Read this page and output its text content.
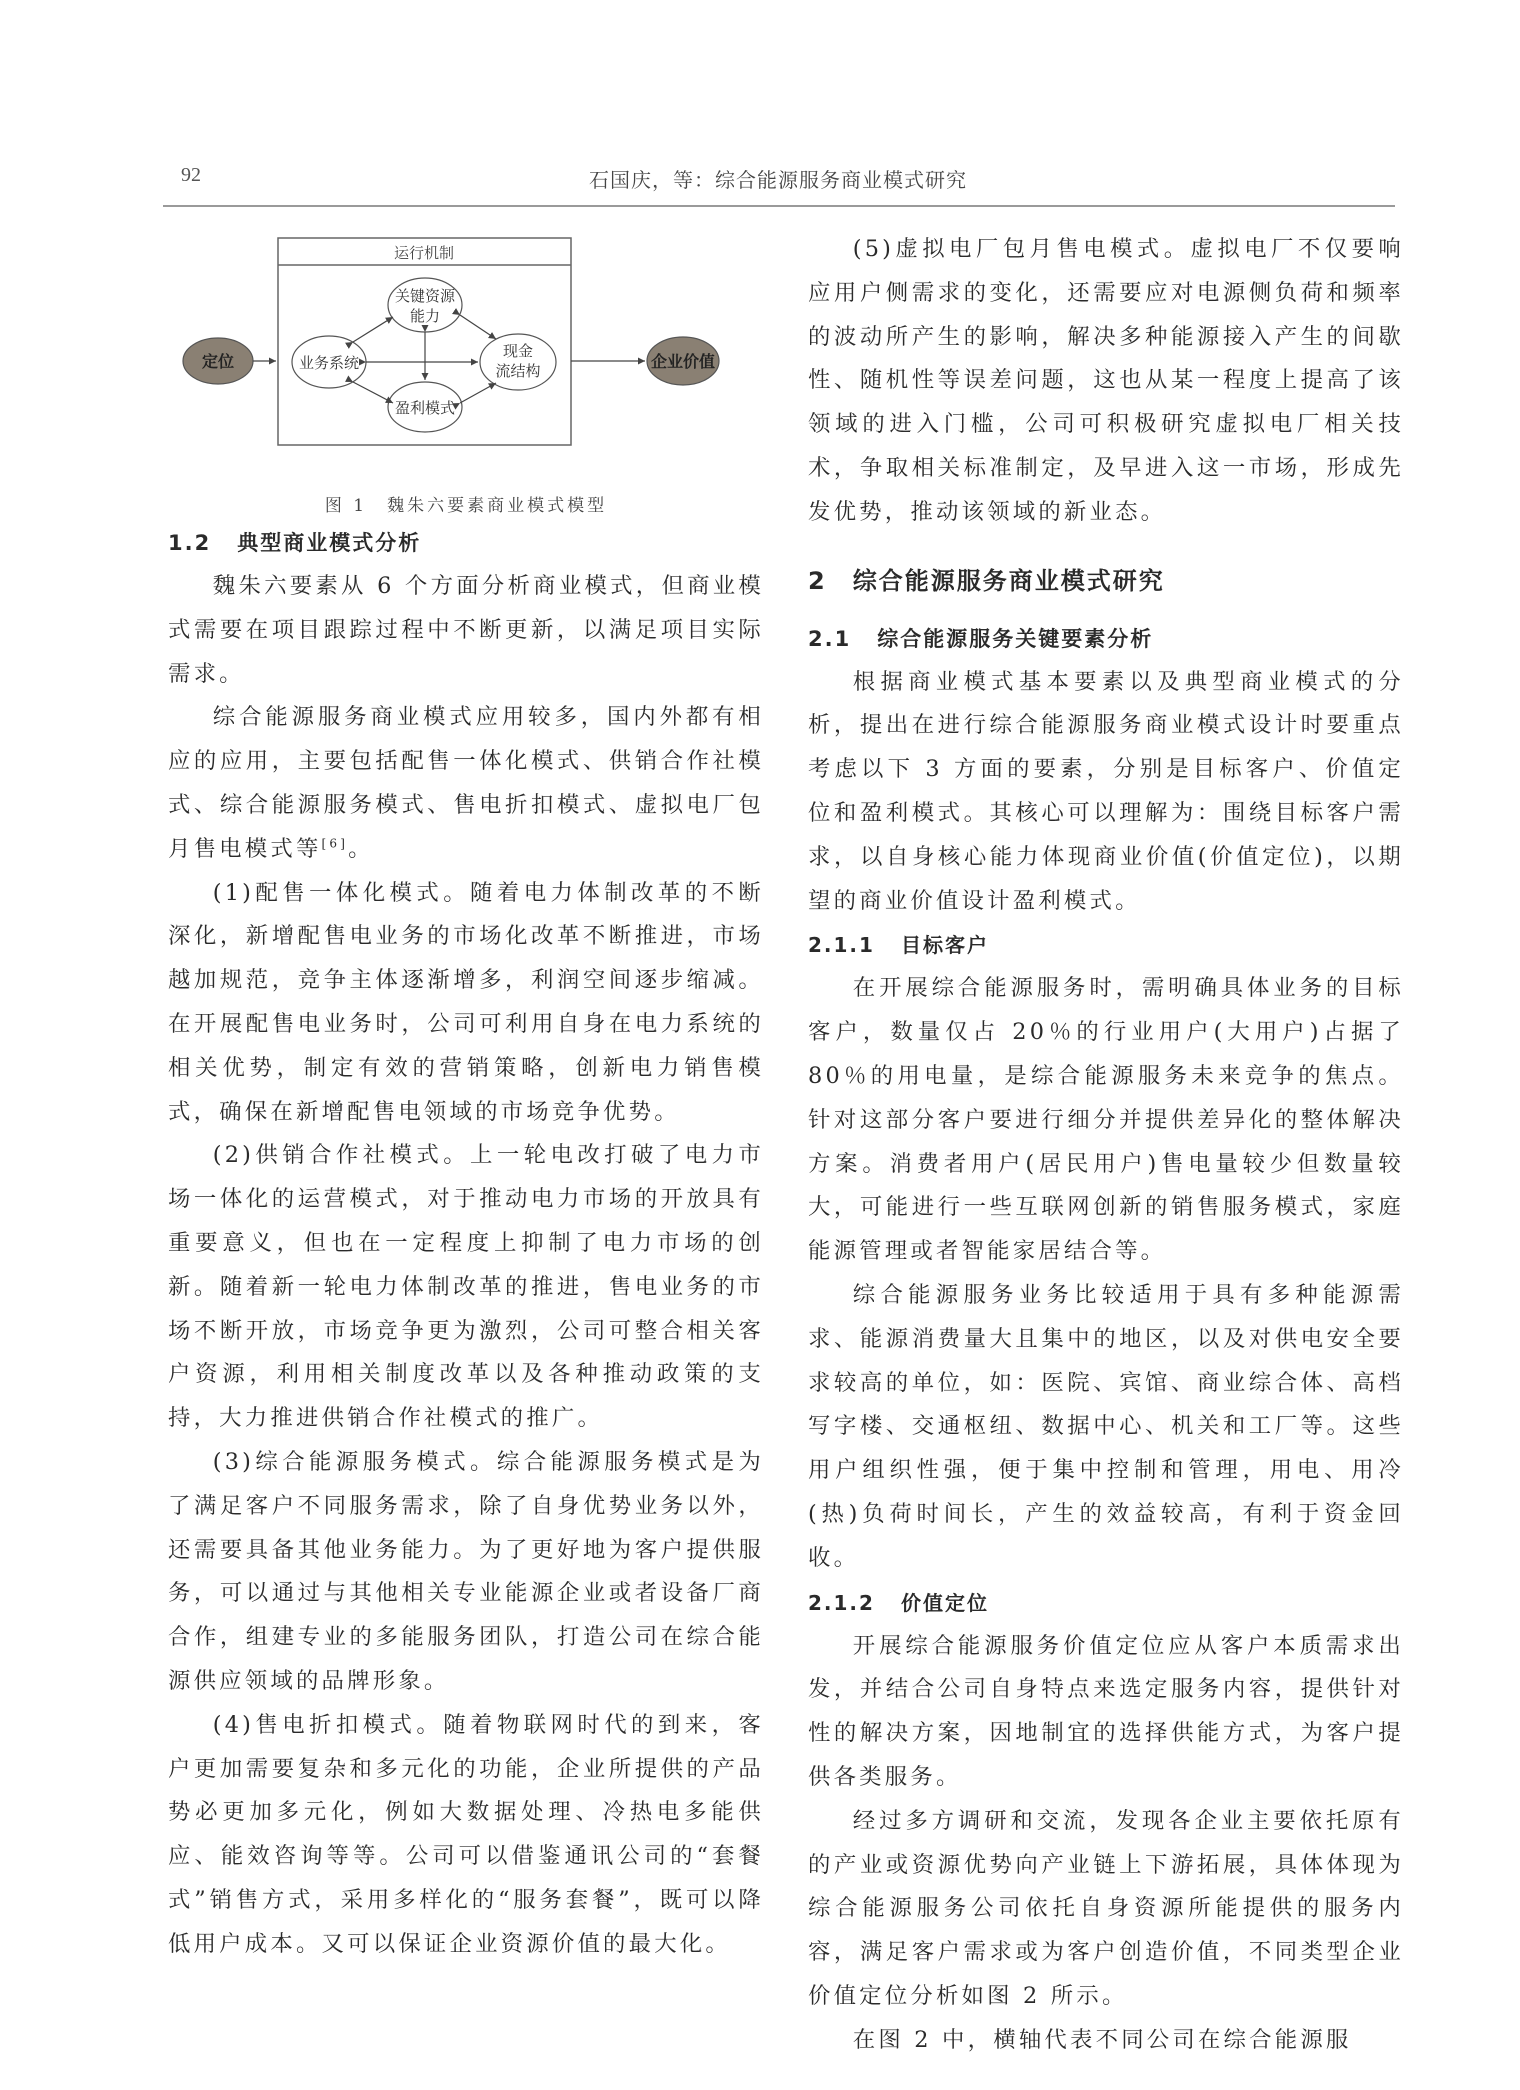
92	石国庆，等：综合能源服务商业模式研究
运行机制
定位	企业价值
业务系统
关键资源
能力
盈利模式
现金
流结构

图 1　魏朱六要素商业模式模型

1.2 典型商业模式分析

魏朱六要素从 6 个方面分析商业模式，但商业模式需要在项目跟踪过程中不断更新，以满足项目实际需求。

综合能源服务商业模式应用较多，国内外都有相应的应用，主要包括配售一体化模式、供销合作社模式、综合能源服务模式、售电折扣模式、虚拟电厂包月售电模式等[6]。

(1)配售一体化模式。随着电力体制改革的不断深化，新增配售电业务的市场化改革不断推进，市场越加规范，竞争主体逐渐增多，利润空间逐步缩减。在开展配售电业务时，公司可利用自身在电力系统的相关优势，制定有效的营销策略，创新电力销售模式，确保在新增配售电领域的市场竞争优势。

(2)供销合作社模式。上一轮电改打破了电力市场一体化的运营模式，对于推动电力市场的开放具有重要意义，但也在一定程度上抑制了电力市场的创新。随着新一轮电力体制改革的推进，售电业务的市场不断开放，市场竞争更为激烈，公司可整合相关客户资源，利用相关制度改革以及各种推动政策的支持，大力推进供销合作社模式的推广。

(3)综合能源服务模式。综合能源服务模式是为了满足客户不同服务需求，除了自身优势业务以外，还需要具备其他业务能力。为了更好地为客户提供服务，可以通过与其他相关专业能源企业或者设备厂商合作，组建专业的多能服务团队，打造公司在综合能源供应领域的品牌形象。

(4)售电折扣模式。随着物联网时代的到来，客户更加需要复杂和多元化的功能，企业所提供的产品势必更加多元化，例如大数据处理、冷热电多能供应、能效咨询等等。公司可以借鉴通讯公司的“套餐式”销售方式，采用多样化的“服务套餐”，既可以降低用户成本。又可以保证企业资源价值的最大化。

(5)虚拟电厂包月售电模式。虚拟电厂不仅要响应用户侧需求的变化，还需要应对电源侧负荷和频率的波动所产生的影响，解决多种能源接入产生的间歇性、随机性等误差问题，这也从某一程度上提高了该领域的进入门槛，公司可积极研究虚拟电厂相关技术，争取相关标准制定，及早进入这一市场，形成先发优势，推动该领域的新业态。

2 综合能源服务商业模式研究

2.1 综合能源服务关键要素分析

根据商业模式基本要素以及典型商业模式的分析，提出在进行综合能源服务商业模式设计时要重点考虑以下 3 方面的要素，分别是目标客户、价值定位和盈利模式。其核心可以理解为：围绕目标客户需求，以自身核心能力体现商业价值(价值定位)，以期望的商业价值设计盈利模式。

2.1.1 目标客户

在开展综合能源服务时，需明确具体业务的目标客户，数量仅占 20％的行业用户(大用户)占据了 80％的用电量，是综合能源服务未来竞争的焦点。针对这部分客户要进行细分并提供差异化的整体解决方案。消费者用户(居民用户)售电量较少但数量较大，可能进行一些互联网创新的销售服务模式，家庭能源管理或者智能家居结合等。

综合能源服务业务比较适用于具有多种能源需求、能源消费量大且集中的地区，以及对供电安全要求较高的单位，如：医院、宾馆、商业综合体、高档写字楼、交通枢纽、数据中心、机关和工厂等。这些用户组织性强，便于集中控制和管理，用电、用冷(热)负荷时间长，产生的效益较高，有利于资金回收。

2.1.2 价值定位

开展综合能源服务价值定位应从客户本质需求出发，并结合公司自身特点来选定服务内容，提供针对性的解决方案，因地制宜的选择供能方式，为客户提供各类服务。

经过多方调研和交流，发现各企业主要依托原有的产业或资源优势向产业链上下游拓展，具体体现为综合能源服务公司依托自身资源所能提供的服务内容，满足客户需求或为客户创造价值，不同类型企业价值定位分析如图 2 所示。

在图 2 中，横轴代表不同公司在综合能源服
